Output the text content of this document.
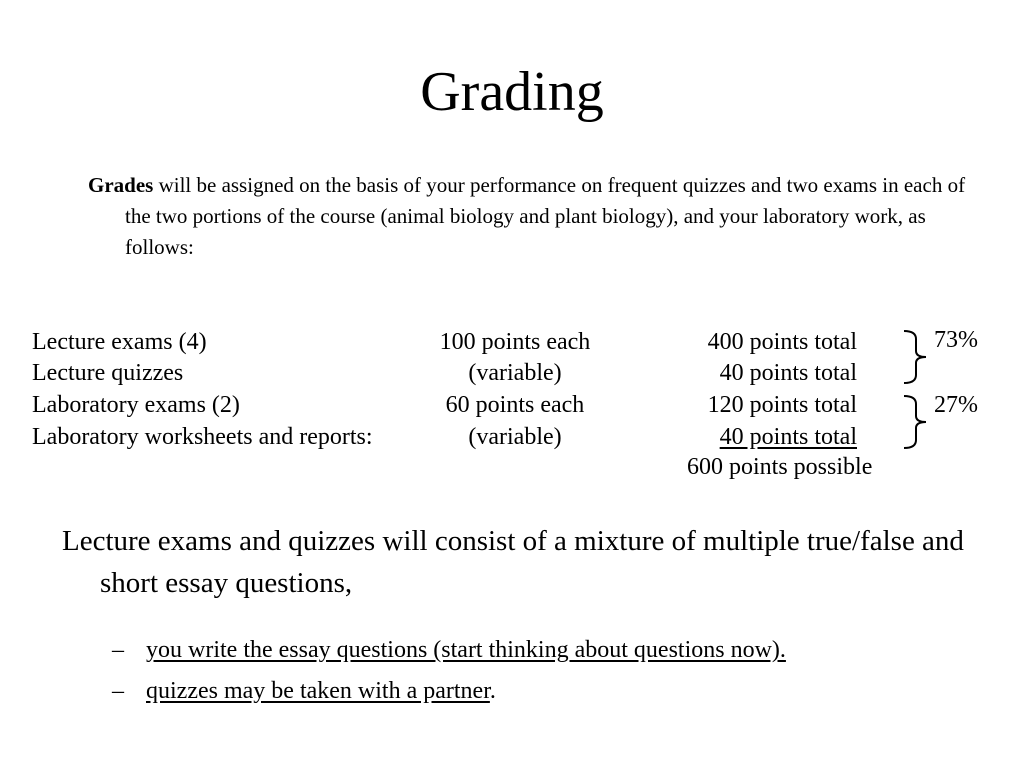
Grading

Grades will be assigned on the basis of your performance on frequent quizzes and two exams in each of the two portions of the course (animal biology and plant biology), and your laboratory work, as follows:

Lecture exams (4)	100 points each	400 points total
Lecture quizzes	(variable)	40 points total
Laboratory exams (2)	60 points each	120 points total
Laboratory worksheets and reports:	(variable)	40 points total
600 points possible
73%
27%

Lecture exams and quizzes will consist of a mixture of multiple true/false and short essay questions,

– you write the essay questions (start thinking about questions now).
– quizzes may be taken with a partner.
